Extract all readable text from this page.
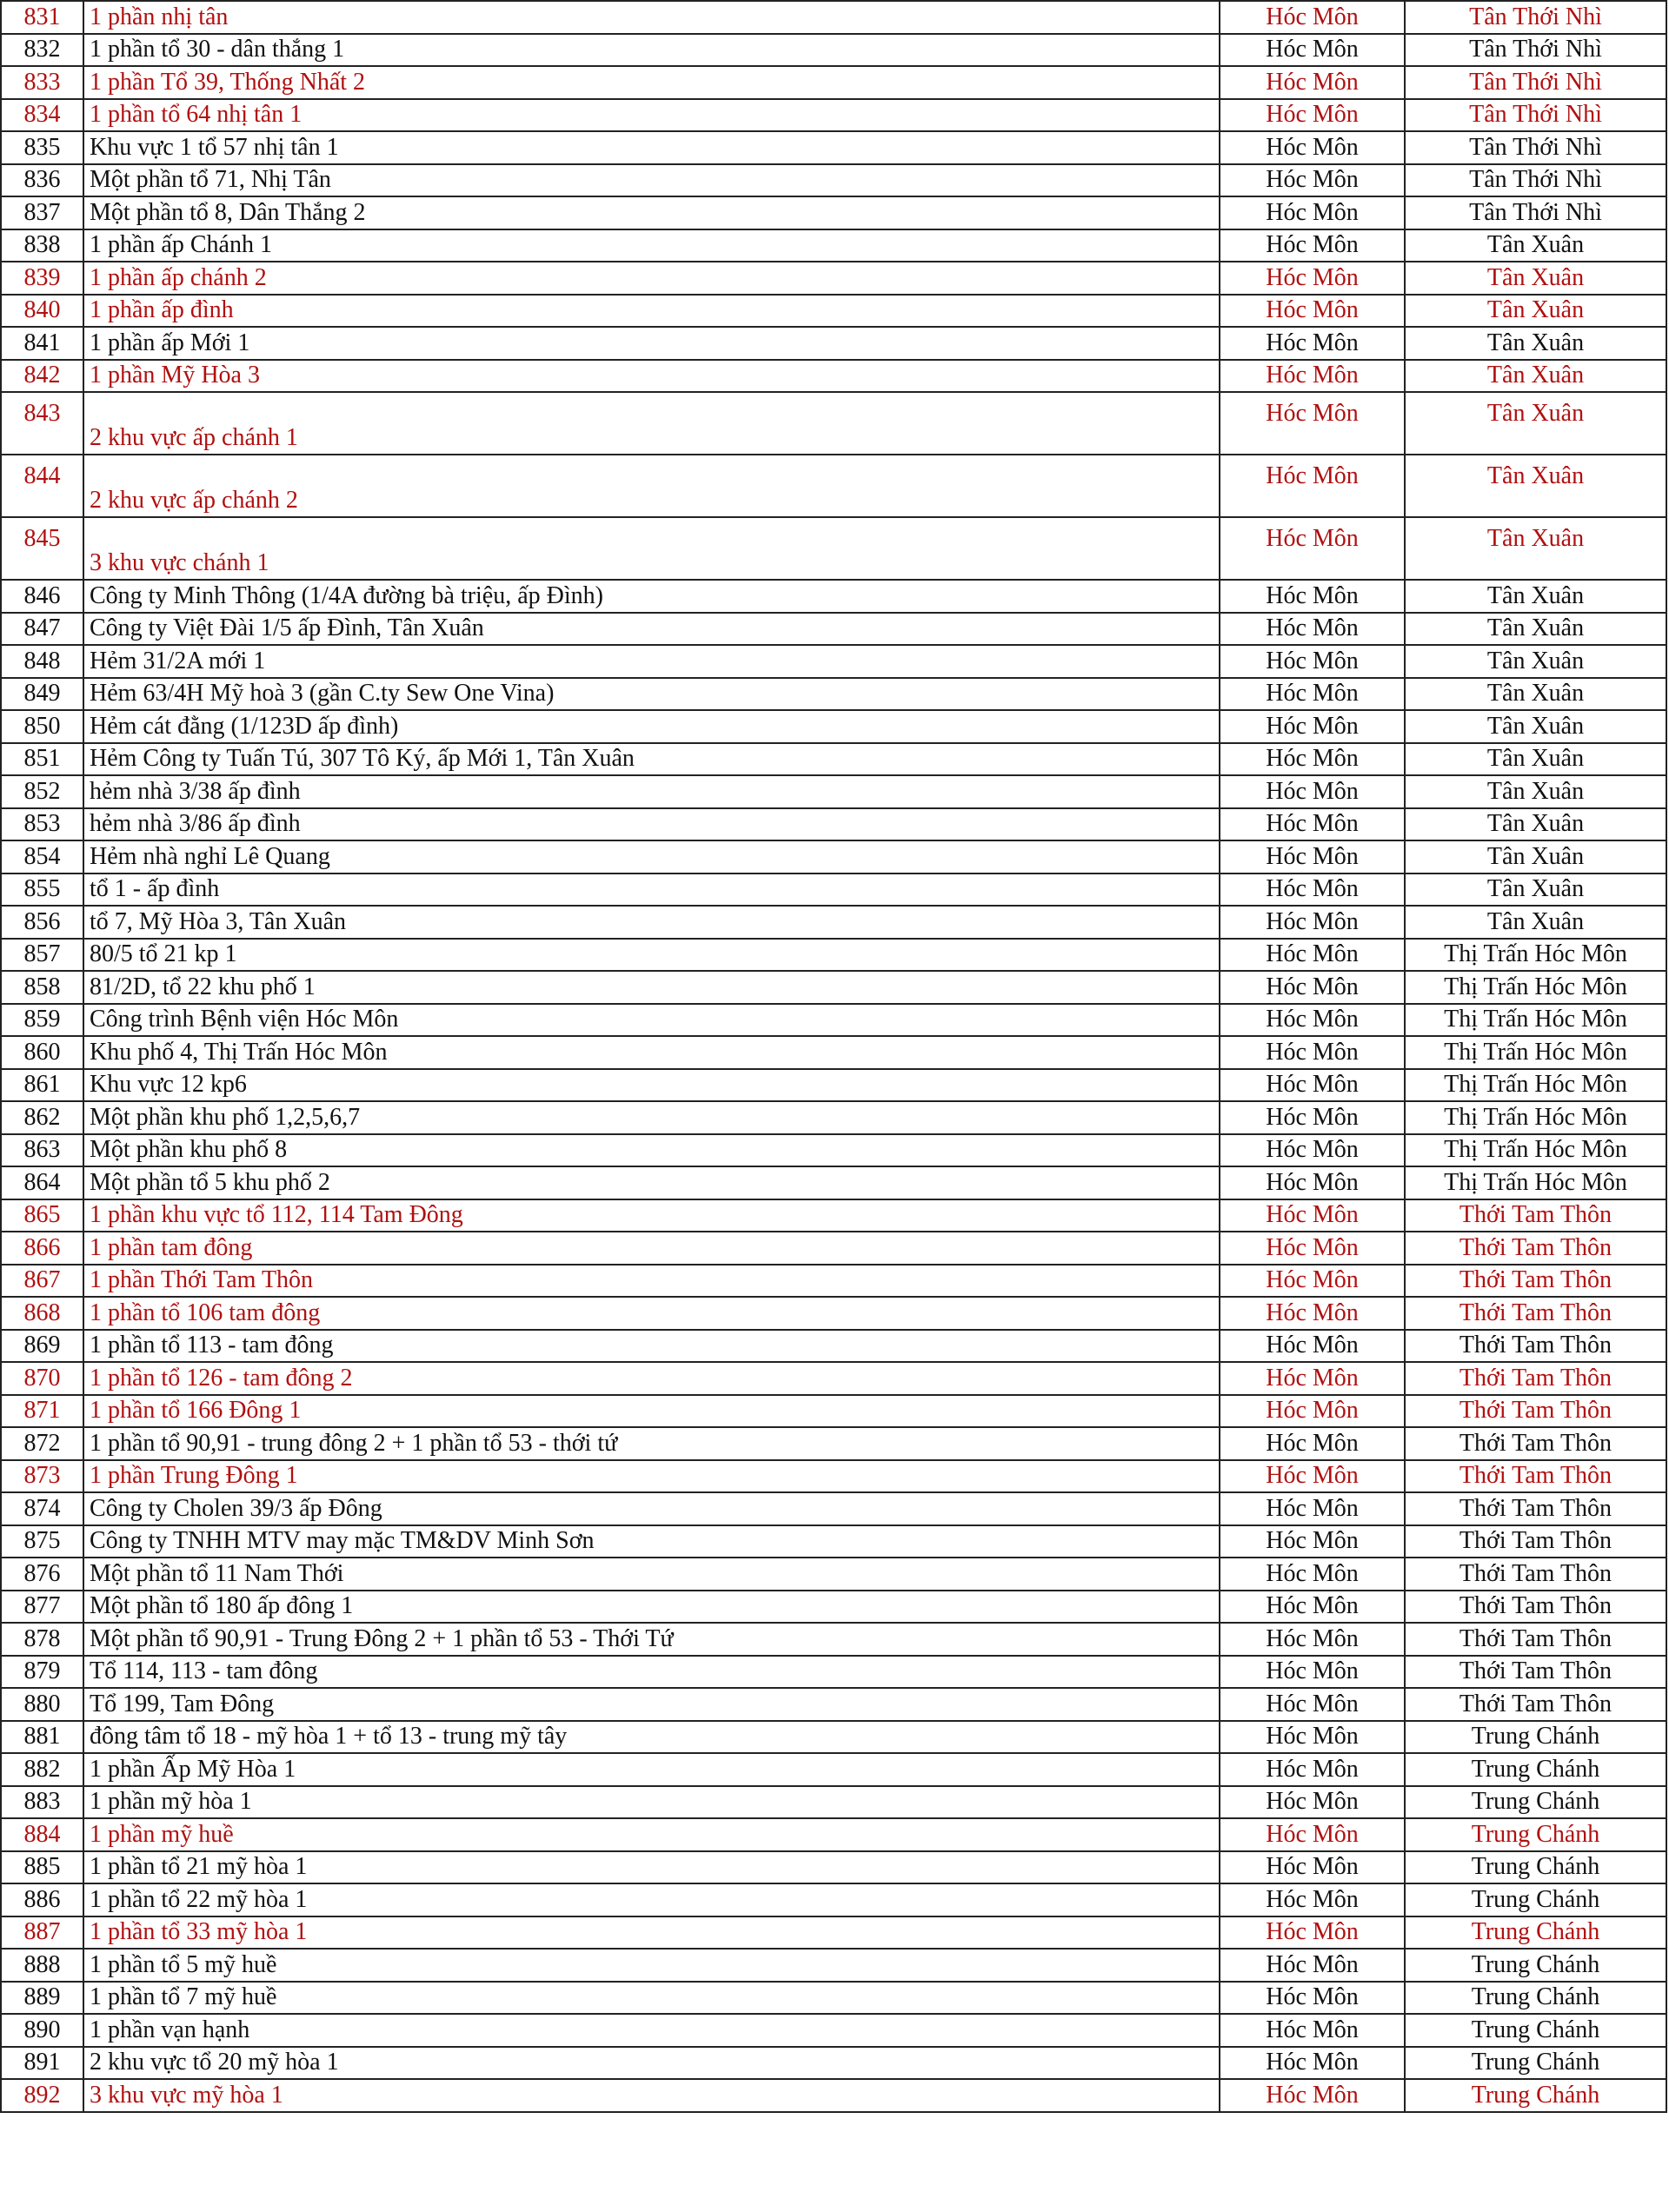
831	1 phần nhị tân	Hóc Môn	Tân Thới Nhì
832	1 phần tổ 30 - dân thắng 1	Hóc Môn	Tân Thới Nhì
833	1 phần Tổ 39, Thống Nhất 2	Hóc Môn	Tân Thới Nhì
834	1 phần tổ 64 nhị tân 1	Hóc Môn	Tân Thới Nhì
835	Khu vực 1 tổ 57 nhị tân 1	Hóc Môn	Tân Thới Nhì
836	Một phần tổ 71, Nhị Tân	Hóc Môn	Tân Thới Nhì
837	Một phần tổ 8, Dân Thắng 2	Hóc Môn	Tân Thới Nhì
838	1 phần ấp Chánh 1	Hóc Môn	Tân Xuân
839	1 phần ấp chánh 2	Hóc Môn	Tân Xuân
840	1 phần ấp đình	Hóc Môn	Tân Xuân
841	1 phần ấp Mới 1	Hóc Môn	Tân Xuân
842	1 phần Mỹ Hòa 3	Hóc Môn	Tân Xuân
843	2 khu vực ấp chánh 1	Hóc Môn	Tân Xuân
844	2 khu vực ấp chánh 2	Hóc Môn	Tân Xuân
845	3 khu vực chánh 1	Hóc Môn	Tân Xuân
846	Công ty Minh Thông (1/4A đường bà triệu, ấp Đình)	Hóc Môn	Tân Xuân
847	Công ty Việt Đài 1/5 ấp Đình, Tân Xuân	Hóc Môn	Tân Xuân
848	Hẻm 31/2A mới 1	Hóc Môn	Tân Xuân
849	Hẻm 63/4H Mỹ hoà 3 (gần C.ty Sew One Vina)	Hóc Môn	Tân Xuân
850	Hẻm cát đằng (1/123D ấp đình)	Hóc Môn	Tân Xuân
851	Hẻm Công ty Tuấn Tú, 307 Tô Ký, ấp Mới 1, Tân Xuân	Hóc Môn	Tân Xuân
852	hẻm nhà 3/38 ấp đình	Hóc Môn	Tân Xuân
853	hẻm nhà 3/86 ấp đình	Hóc Môn	Tân Xuân
854	Hẻm nhà nghỉ Lê Quang	Hóc Môn	Tân Xuân
855	tổ 1 - ấp đình	Hóc Môn	Tân Xuân
856	tổ 7, Mỹ Hòa 3, Tân Xuân	Hóc Môn	Tân Xuân
857	80/5 tổ 21 kp 1	Hóc Môn	Thị Trấn Hóc Môn
858	81/2D, tổ 22 khu phố 1	Hóc Môn	Thị Trấn Hóc Môn
859	Công trình Bệnh viện Hóc Môn	Hóc Môn	Thị Trấn Hóc Môn
860	Khu phố 4, Thị Trấn Hóc Môn	Hóc Môn	Thị Trấn Hóc Môn
861	Khu vực 12 kp6	Hóc Môn	Thị Trấn Hóc Môn
862	Một phần khu phố 1,2,5,6,7	Hóc Môn	Thị Trấn Hóc Môn
863	Một phần khu phố 8	Hóc Môn	Thị Trấn Hóc Môn
864	Một phần tổ 5 khu phố 2	Hóc Môn	Thị Trấn Hóc Môn
865	1 phần khu vực tổ 112, 114 Tam Đông	Hóc Môn	Thới Tam Thôn
866	1 phần tam đông	Hóc Môn	Thới Tam Thôn
867	1 phần Thới Tam Thôn	Hóc Môn	Thới Tam Thôn
868	1 phần tổ 106 tam đông	Hóc Môn	Thới Tam Thôn
869	1 phần tổ 113 - tam đông	Hóc Môn	Thới Tam Thôn
870	1 phần tổ 126 - tam đông 2	Hóc Môn	Thới Tam Thôn
871	1 phần tổ 166 Đông 1	Hóc Môn	Thới Tam Thôn
872	1 phần tổ 90,91 - trung đông 2 + 1 phần tổ 53 - thới tứ	Hóc Môn	Thới Tam Thôn
873	1 phần Trung Đông 1	Hóc Môn	Thới Tam Thôn
874	Công ty Cholen 39/3 ấp Đông	Hóc Môn	Thới Tam Thôn
875	Công ty TNHH MTV may mặc TM&DV Minh Sơn	Hóc Môn	Thới Tam Thôn
876	Một phần tổ 11 Nam Thới	Hóc Môn	Thới Tam Thôn
877	Một phần tổ 180 ấp đông 1	Hóc Môn	Thới Tam Thôn
878	Một phần tổ 90,91 - Trung Đông 2 + 1 phần tổ 53 - Thới Tứ	Hóc Môn	Thới Tam Thôn
879	Tổ 114, 113 - tam đông	Hóc Môn	Thới Tam Thôn
880	Tổ 199, Tam Đông	Hóc Môn	Thới Tam Thôn
881	đông tâm tổ 18 - mỹ hòa 1 + tổ 13 - trung mỹ tây	Hóc Môn	Trung Chánh
882	1 phần Ấp Mỹ Hòa 1	Hóc Môn	Trung Chánh
883	1 phần mỹ hòa 1	Hóc Môn	Trung Chánh
884	1 phần mỹ huề	Hóc Môn	Trung Chánh
885	1 phần tổ 21 mỹ hòa 1	Hóc Môn	Trung Chánh
886	1 phần tổ 22 mỹ hòa 1	Hóc Môn	Trung Chánh
887	1 phần tổ 33 mỹ hòa 1	Hóc Môn	Trung Chánh
888	1 phần tổ 5 mỹ huề	Hóc Môn	Trung Chánh
889	1 phần tổ 7 mỹ huề	Hóc Môn	Trung Chánh
890	1 phần vạn hạnh	Hóc Môn	Trung Chánh
891	2 khu vực tổ 20 mỹ hòa 1	Hóc Môn	Trung Chánh
892	3 khu vực mỹ hòa 1	Hóc Môn	Trung Chánh
